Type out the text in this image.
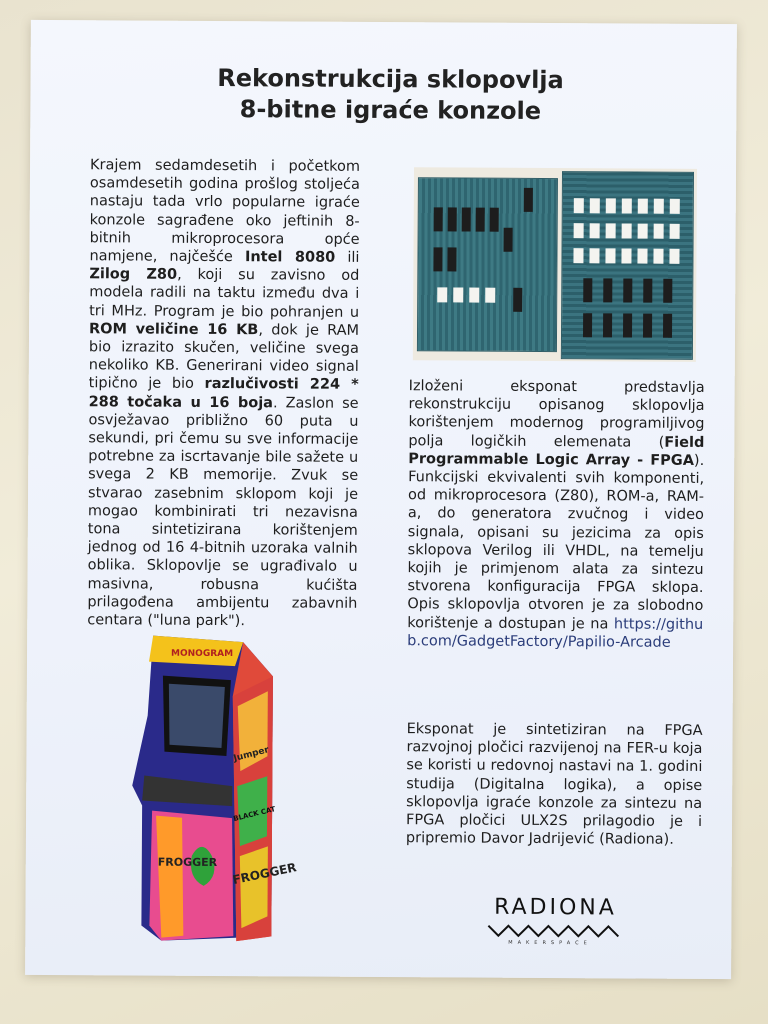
Rekonstrukcija sklopovlja
8-bitne igraće konzole
Krajem sedamdesetih i početkom osamdesetih godina prošlog stoljeća nastaju tada vrlo popularne igraće konzole sagrađene oko jeftinih 8-bitnih mikroprocesora opće namjene, najčešće Intel 8080 ili Zilog Z80, koji su zavisno od modela radili na taktu između dva i tri MHz. Program je bio pohranjen u ROM veličine 16 KB, dok je RAM bio izrazito skučen, veličine svega nekoliko KB. Generirani video signal tipično je bio razlučivosti 224 * 288 točaka u 16 boja. Zaslon se osvježavao približno 60 puta u sekundi, pri čemu su sve informacije potrebne za iscrtavanje bile sažete u svega 2 KB memorije. Zvuk se stvarao zasebnim sklopom koji je mogao kombinirati tri nezavisna tona sintetizirana korištenjem jednog od 16 4-bitnih uzoraka valnih oblika. Sklopovlje se ugrađivalo u masivna, robusna kućišta prilagođena ambijentu zabavnih centara ("luna park").
Izloženi eksponat predstavlja rekonstrukciju opisanog sklopovlja korištenjem modernog programiljivog polja logičkih elemenata (Field Programmable Logic Array - FPGA). Funkcijski ekvivalenti svih komponenti, od mikroprocesora (Z80), ROM-a, RAM-a, do generatora zvučnog i video signala, opisani su jezicima za opis sklopova Verilog ili VHDL, na temelju kojih je primjenom alata za sintezu stvorena konfiguracija FPGA sklopa. Opis sklopovlja otvoren je za slobodno korištenje a dostupan je na https://github.com/GadgetFactory/Papilio-Arcade
Eksponat je sintetiziran na FPGA razvojnoj pločici razvijenoj na FER-u koja se koristi u redovnoj nastavi na 1. godini studija (Digitalna logika), a opise sklopovlja igraće konzole za sintezu na FPGA pločici ULX2S prilagodio je i pripremio Davor Jadrijević (Radiona).
MONOGRAM
Jumper
FROGGER
FROGGER
BLACK CAT
RADIONA
MAKERSPACE
